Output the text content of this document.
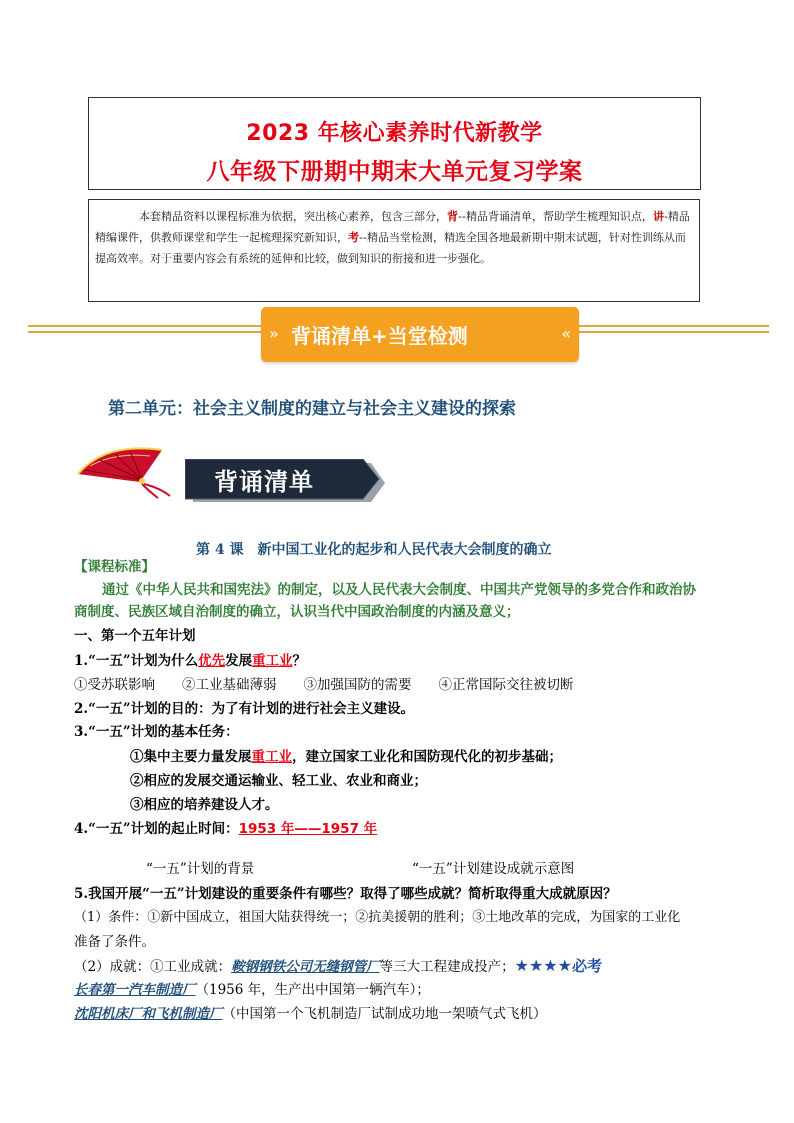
2023 年核心素养时代新教学
八年级下册期中期末大单元复习学案

本套精品资料以课程标准为依据，突出核心素养，包含三部分，背--精品背诵清单，帮助学生梳理知识点，讲-精品精编课件，供教师课堂和学生一起梳理探究新知识，考--精品当堂检测，精选全国各地最新期中期末试题，针对性训练从而提高效率。对于重要内容会有系统的延伸和比较，做到知识的衔接和进一步强化。

» 背诵清单+当堂检测	«
第二单元：社会主义制度的建立与社会主义建设的探索
背诵清单
第 4 课　新中国工业化的起步和人民代表大会制度的确立
【课程标准】
通过《中华人民共和国宪法》的制定，以及人民代表大会制度、中国共产党领导的多党合作和政治协
商制度、民族区域自治制度的确立，认识当代中国政治制度的内涵及意义；
一、第一个五年计划
1.“一五”计划为什么优先发展重工业？
①受苏联影响　　②工业基础薄弱　　③加强国防的需要　　④正常国际交往被切断
2.“一五”计划的目的：为了有计划的进行社会主义建设。
3.“一五”计划的基本任务：
①集中主要力量发展重工业，建立国家工业化和国防现代化的初步基础；
②相应的发展交通运输业、轻工业、农业和商业；
③相应的培养建设人才。
4.“一五”计划的起止时间：1953 年——1957 年
“一五”计划的背景	“一五”计划建设成就示意图
5.我国开展“一五”计划建设的重要条件有哪些？取得了哪些成就？简析取得重大成就原因？
（1）条件：①新中国成立，祖国大陆获得统一；②抗美援朝的胜利；③土地改革的完成，为国家的工业化
准备了条件。
（2）成就：①工业成就：鞍钢钢铁公司无缝钢管厂等三大工程建成投产；★★★★必考
长春第一汽车制造厂（1956 年，生产出中国第一辆汽车）；
沈阳机床厂和飞机制造厂（中国第一个飞机制造厂试制成功地一架喷气式飞机）
